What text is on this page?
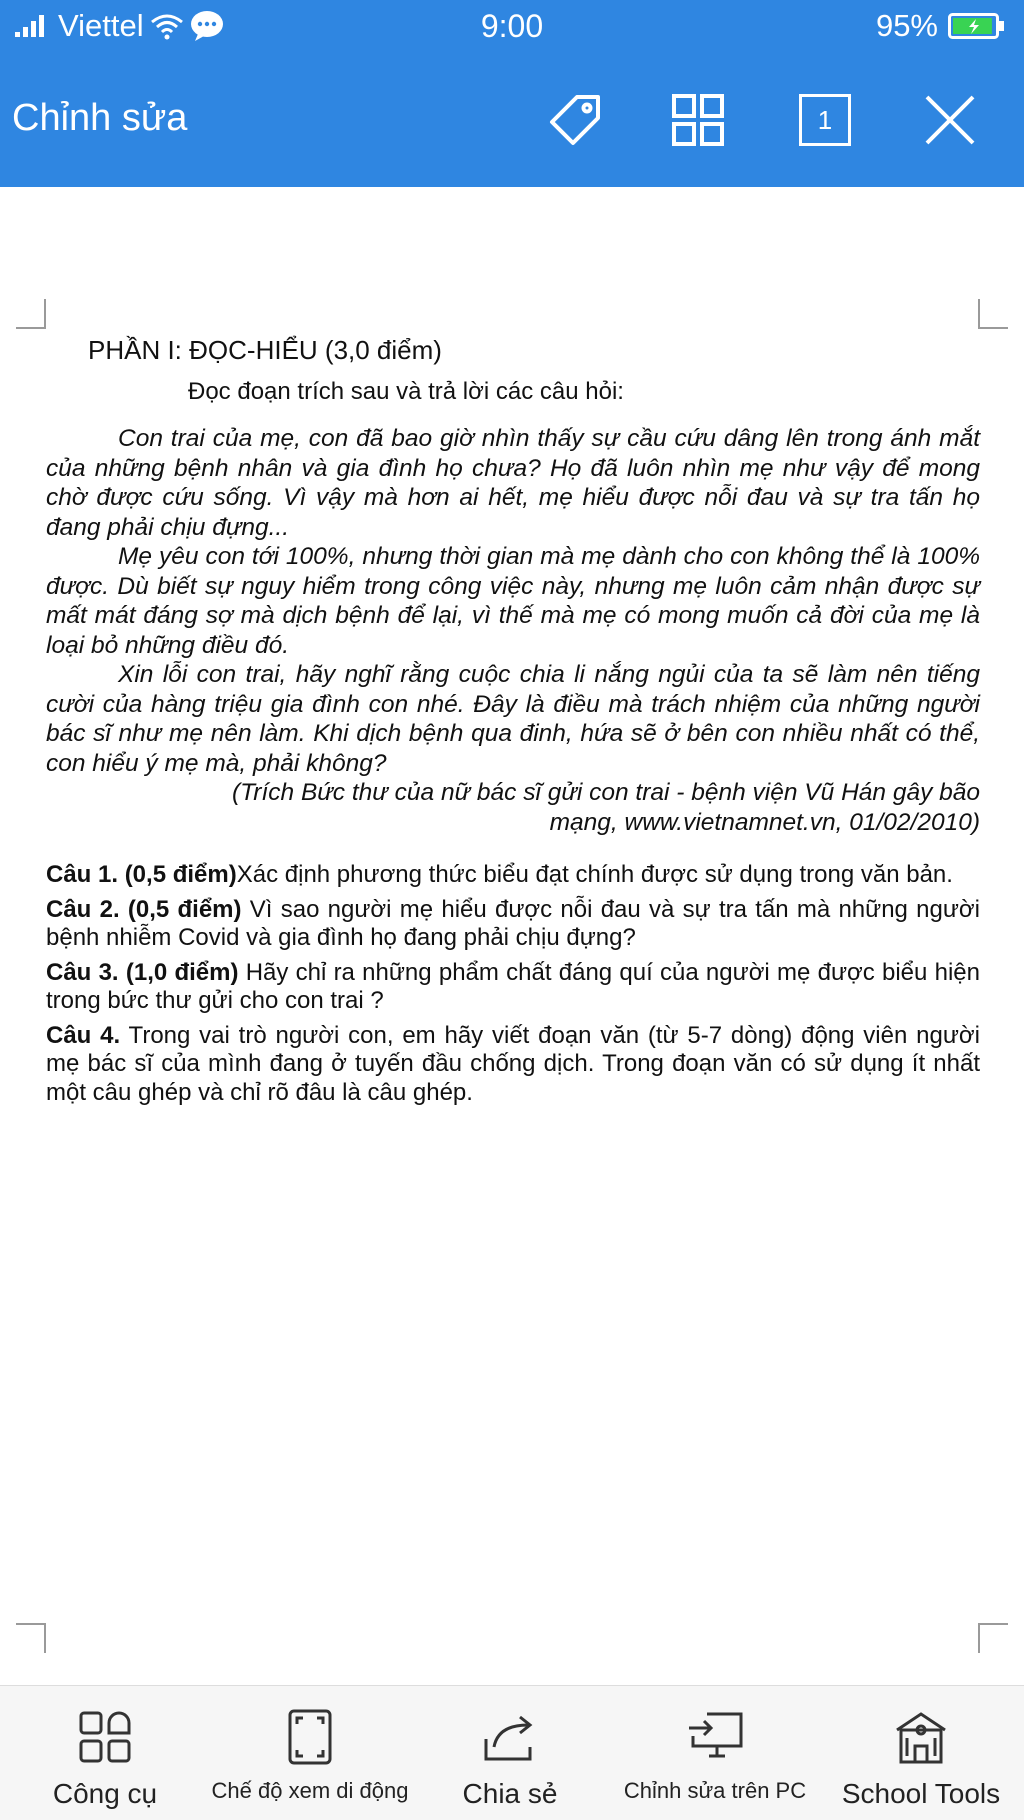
Viettel	9:00	95%
Chỉnh sửa	1
PHẦN I: ĐỌC-HIỂU (3,0 điểm)
Đọc đoạn trích sau và trả lời các câu hỏi:

Con trai của mẹ, con đã bao giờ nhìn thấy sự cầu cứu dâng lên trong ánh mắt của những bệnh nhân và gia đình họ chưa? Họ đã luôn nhìn mẹ như vậy để mong chờ được cứu sống. Vì vậy mà hơn ai hết, mẹ hiểu được nỗi đau và sự tra tấn họ đang phải chịu đựng...

Mẹ yêu con tới 100%, nhưng thời gian mà mẹ dành cho con không thể là 100% được. Dù biết sự nguy hiểm trong công việc này, nhưng mẹ luôn cảm nhận được sự mất mát đáng sợ mà dịch bệnh để lại, vì thế mà mẹ có mong muốn cả đời của mẹ là loại bỏ những điều đó.

Xin lỗi con trai, hãy nghĩ rằng cuộc chia li nắng ngủi của ta sẽ làm nên tiếng cười của hàng triệu gia đình con nhé. Đây là điều mà trách nhiệm của những người bác sĩ như mẹ nên làm. Khi dịch bệnh qua đinh, hứa sẽ ở bên con nhiều nhất có thể, con hiểu ý mẹ mà, phải không?

(Trích Bức thư của nữ bác sĩ gửi con trai - bệnh viện Vũ Hán gây bão
mạng, www.vietnamnet.vn, 01/02/2010)
Câu 1. (0,5 điểm)Xác định phương thức biểu đạt chính được sử dụng trong văn bản.
Câu 2. (0,5 điểm) Vì sao người mẹ hiểu được nỗi đau và sự tra tấn mà những người bệnh nhiễm Covid và gia đình họ đang phải chịu đựng?
Câu 3. (1,0 điểm) Hãy chỉ ra những phẩm chất đáng quí của người mẹ được biểu hiện trong bức thư gửi cho con trai ?
Câu 4. Trong vai trò người con, em hãy viết đoạn văn (từ 5-7 dòng) động viên người mẹ bác sĩ của mình đang ở tuyến đầu chống dịch. Trong đoạn văn có sử dụng ít nhất một câu ghép và chỉ rõ đâu là câu ghép.
Công cụ Chế độ xem di động Chia sẻ	Chỉnh sửa trên PC School Tools
